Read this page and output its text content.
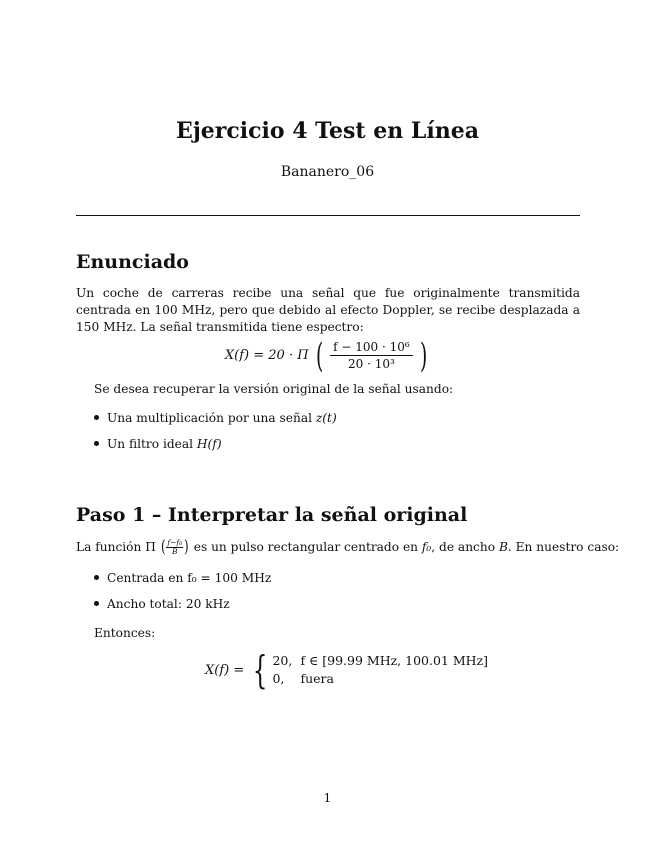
Ejercicio 4 Test en Línea
Bananero_06
Enunciado
Un coche de carreras recibe una señal que fue originalmente transmitida centrada en 100 MHz, pero que debido al efecto Doppler, se recibe desplazada a 150 MHz. La señal transmitida tiene espectro:
X(f) = 20 · Π ( $\frac{\text{f − 100 · 10⁶}}{\text{20 · 10³}}$ )
Se desea recuperar la versión original de la señal usando:
Una multiplicación por una señal z(t)
Un filtro ideal H(f)
Paso 1 – Interpretar la señal original
La función Π ( $\frac{\text{f−f₀}}{B}$ ) es un pulso rectangular centrado en f₀, de ancho B. En nuestro caso:
Centrada en f₀ = 100 MHz
Ancho total: 20 kHz
Entonces:
X(f) = { 20, f ∈ [99.99 MHz, 100.01 MHz]
0, fuera
1
